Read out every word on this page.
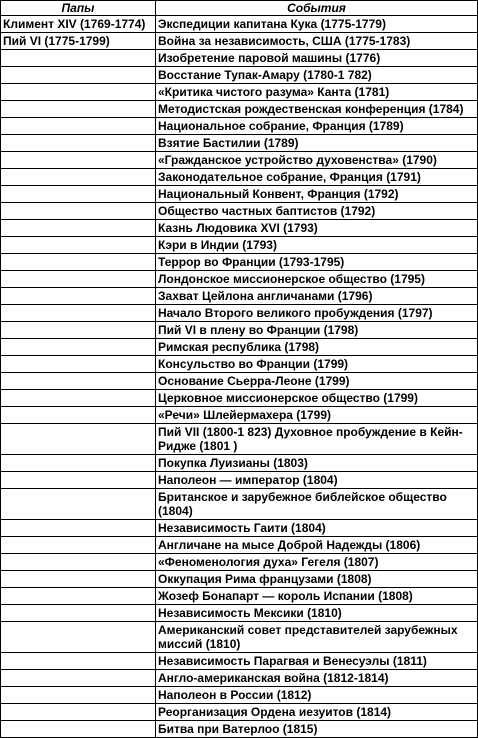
Папы	События
Климент XIV (1769-1774)	Экспедиции капитана Кука (1775-1779)
Пий VI (1775-1799)	Война за независимость, США (1775-1783)
	Изобретение паровой машины (1776)
	Восстание Тупак-Амару (1780-1 782)
	«Критика чистого разума» Канта (1781)
	Методистская рождественская конференция (1784)
	Национальное собрание, Франция (1789)
	Взятие Бастилии (1789)
	«Гражданское устройство духовенства» (1790)
	Законодательное собрание, Франция (1791)
	Национальный Конвент, Франция (1792)
	Общество частных баптистов (1792)
	Казнь Людовика XVI (1793)
	Кэри в Индии (1793)
	Террор во Франции (1793-1795)
	Лондонское миссионерское общество (1795)
	Захват Цейлона англичанами (1796)
	Начало Второго великого пробуждения (1797)
	Пий VI в плену во Франции (1798)
	Римская республика (1798)
	Консульство во Франции (1799)
	Основание Сьерра-Леоне (1799)
	Церковное миссионерское общество (1799)
	«Речи» Шлейермахера (1799)
	Пий VII (1800-1 823) Духовное пробуждение в Кейн-Ридже (1801 )
	Покупка Луизианы (1803)
	Наполеон — император (1804)
	Британское и зарубежное библейское общество (1804)
	Независимость Гаити (1804)
	Англичане на мысе Доброй Надежды (1806)
	«Феноменология духа» Гегеля (1807)
	Оккупация Рима французами (1808)
	Жозеф Бонапарт — король Испании (1808)
	Независимость Мексики (1810)
	Американский совет представителей зарубежных миссий (1810)
	Независимость Парагвая и Венесуэлы (1811)
	Англо-американская война (1812-1814)
	Наполеон в России (1812)
	Реорганизация Ордена иезуитов (1814)
	Битва при Ватерлоо (1815)
